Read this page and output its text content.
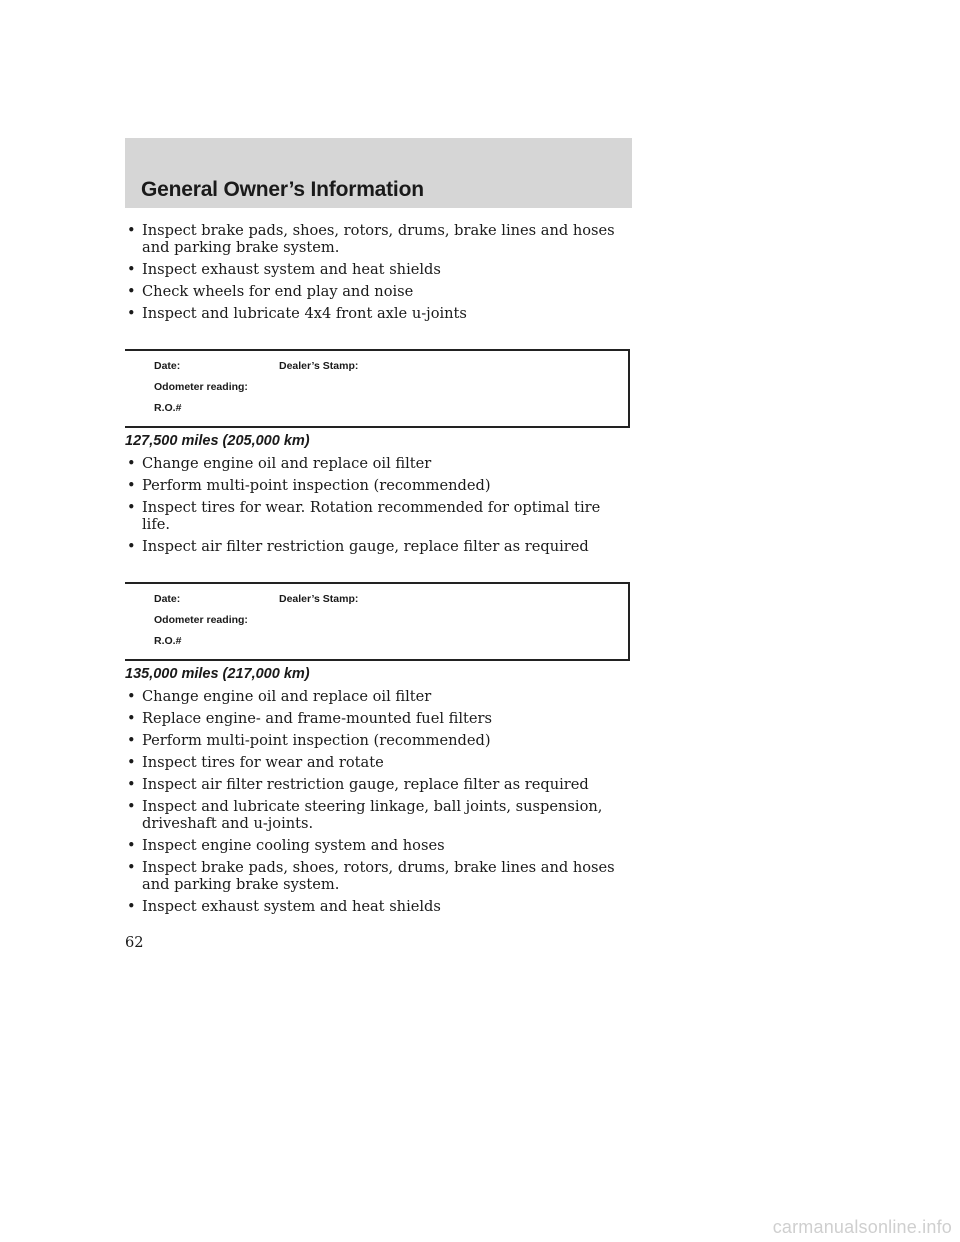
General Owner’s Information
• Inspect brake pads, shoes, rotors, drums, brake lines and hoses and parking brake system.
• Inspect exhaust system and heat shields
• Check wheels for end play and noise
• Inspect and lubricate 4x4 front axle u-joints
Date:
Odometer reading:
R.O.#
Dealer’s Stamp:
127,500 miles (205,000 km)
• Change engine oil and replace oil filter
• Perform multi-point inspection (recommended)
• Inspect tires for wear. Rotation recommended for optimal tire life.
• Inspect air filter restriction gauge, replace filter as required
Date:
Odometer reading:
R.O.#
Dealer’s Stamp:
135,000 miles (217,000 km)
• Change engine oil and replace oil filter
• Replace engine- and frame-mounted fuel filters
• Perform multi-point inspection (recommended)
• Inspect tires for wear and rotate
• Inspect air filter restriction gauge, replace filter as required
• Inspect and lubricate steering linkage, ball joints, suspension, driveshaft and u-joints.
• Inspect engine cooling system and hoses
• Inspect brake pads, shoes, rotors, drums, brake lines and hoses and parking brake system.
• Inspect exhaust system and heat shields
62
carmanualsonline.info
